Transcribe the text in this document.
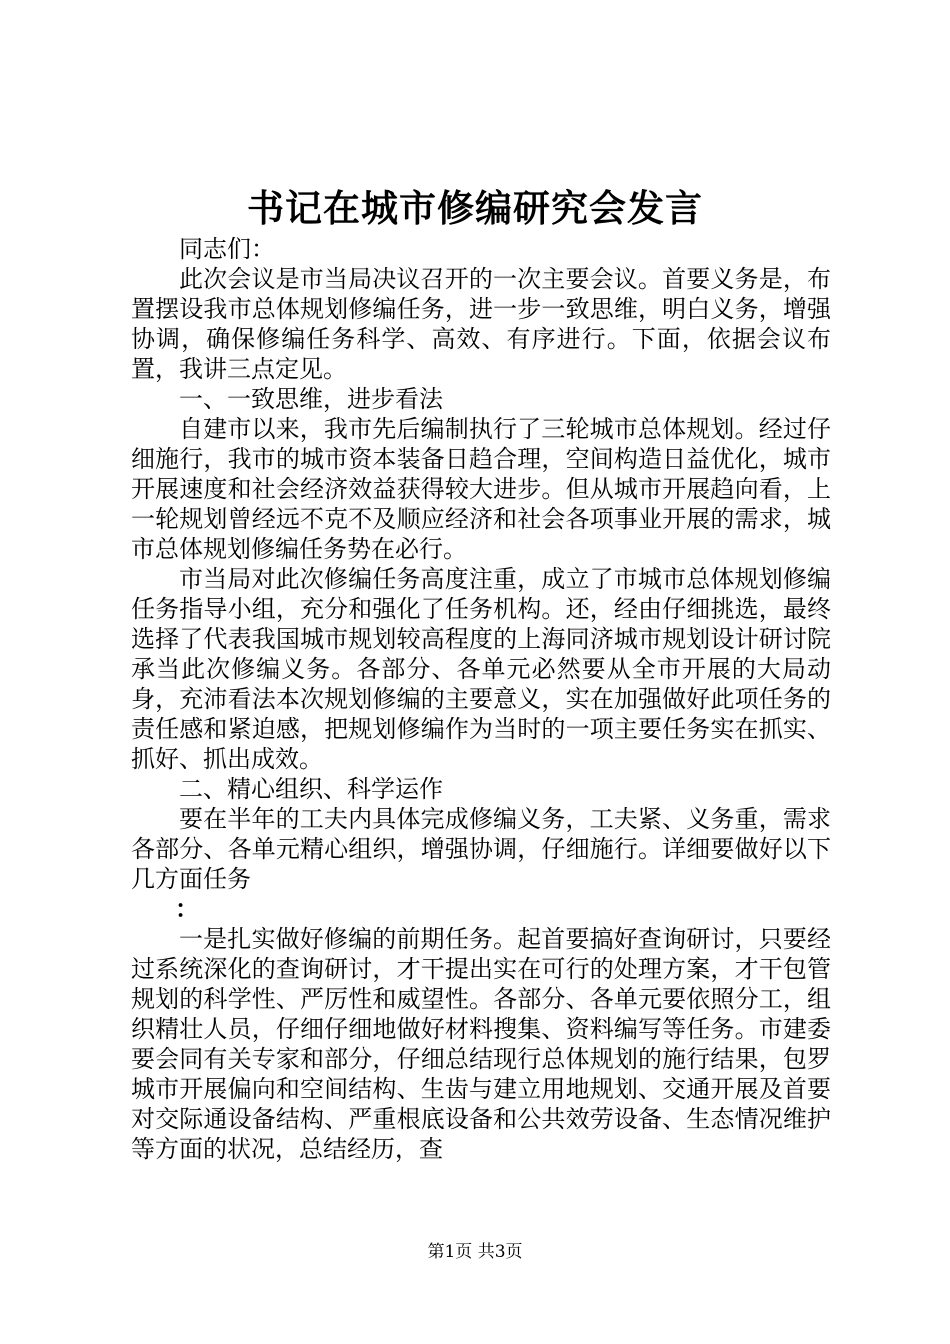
书记在城市修编研究会发言

同志们：

此次会议是市当局决议召开的一次主要会议。首要义务是，布置摆设我市总体规划修编任务，进一步一致思维，明白义务，增强协调，确保修编任务科学、高效、有序进行。下面，依据会议布置，我讲三点定见。

一、一致思维，进步看法

自建市以来，我市先后编制执行了三轮城市总体规划。经过仔细施行，我市的城市资本装备日趋合理，空间构造日益优化，城市开展速度和社会经济效益获得较大进步。但从城市开展趋向看，上一轮规划曾经远不克不及顺应经济和社会各项事业开展的需求，城市总体规划修编任务势在必行。

市当局对此次修编任务高度注重，成立了市城市总体规划修编任务指导小组，充分和强化了任务机构。还，经由仔细挑选，最终选择了代表我国城市规划较高程度的上海同济城市规划设计研讨院承当此次修编义务。各部分、各单元必然要从全市开展的大局动身，充沛看法本次规划修编的主要意义，实在加强做好此项任务的责任感和紧迫感，把规划修编作为当时的一项主要任务实在抓实、抓好、抓出成效。

二、精心组织、科学运作

要在半年的工夫内具体完成修编义务，工夫紧、义务重，需求各部分、各单元精心组织，增强协调，仔细施行。详细要做好以下几方面任务

：

一是扎实做好修编的前期任务。起首要搞好查询研讨，只要经过系统深化的查询研讨，才干提出实在可行的处理方案，才干包管规划的科学性、严厉性和威望性。各部分、各单元要依照分工，组织精壮人员，仔细仔细地做好材料搜集、资料编写等任务。市建委要会同有关专家和部分，仔细总结现行总体规划的施行结果，包罗城市开展偏向和空间结构、生齿与建立用地规划、交通开展及首要对交际通设备结构、严重根底设备和公共效劳设备、生态情况维护等方面的状况，总结经历，查

第1页 共3页
